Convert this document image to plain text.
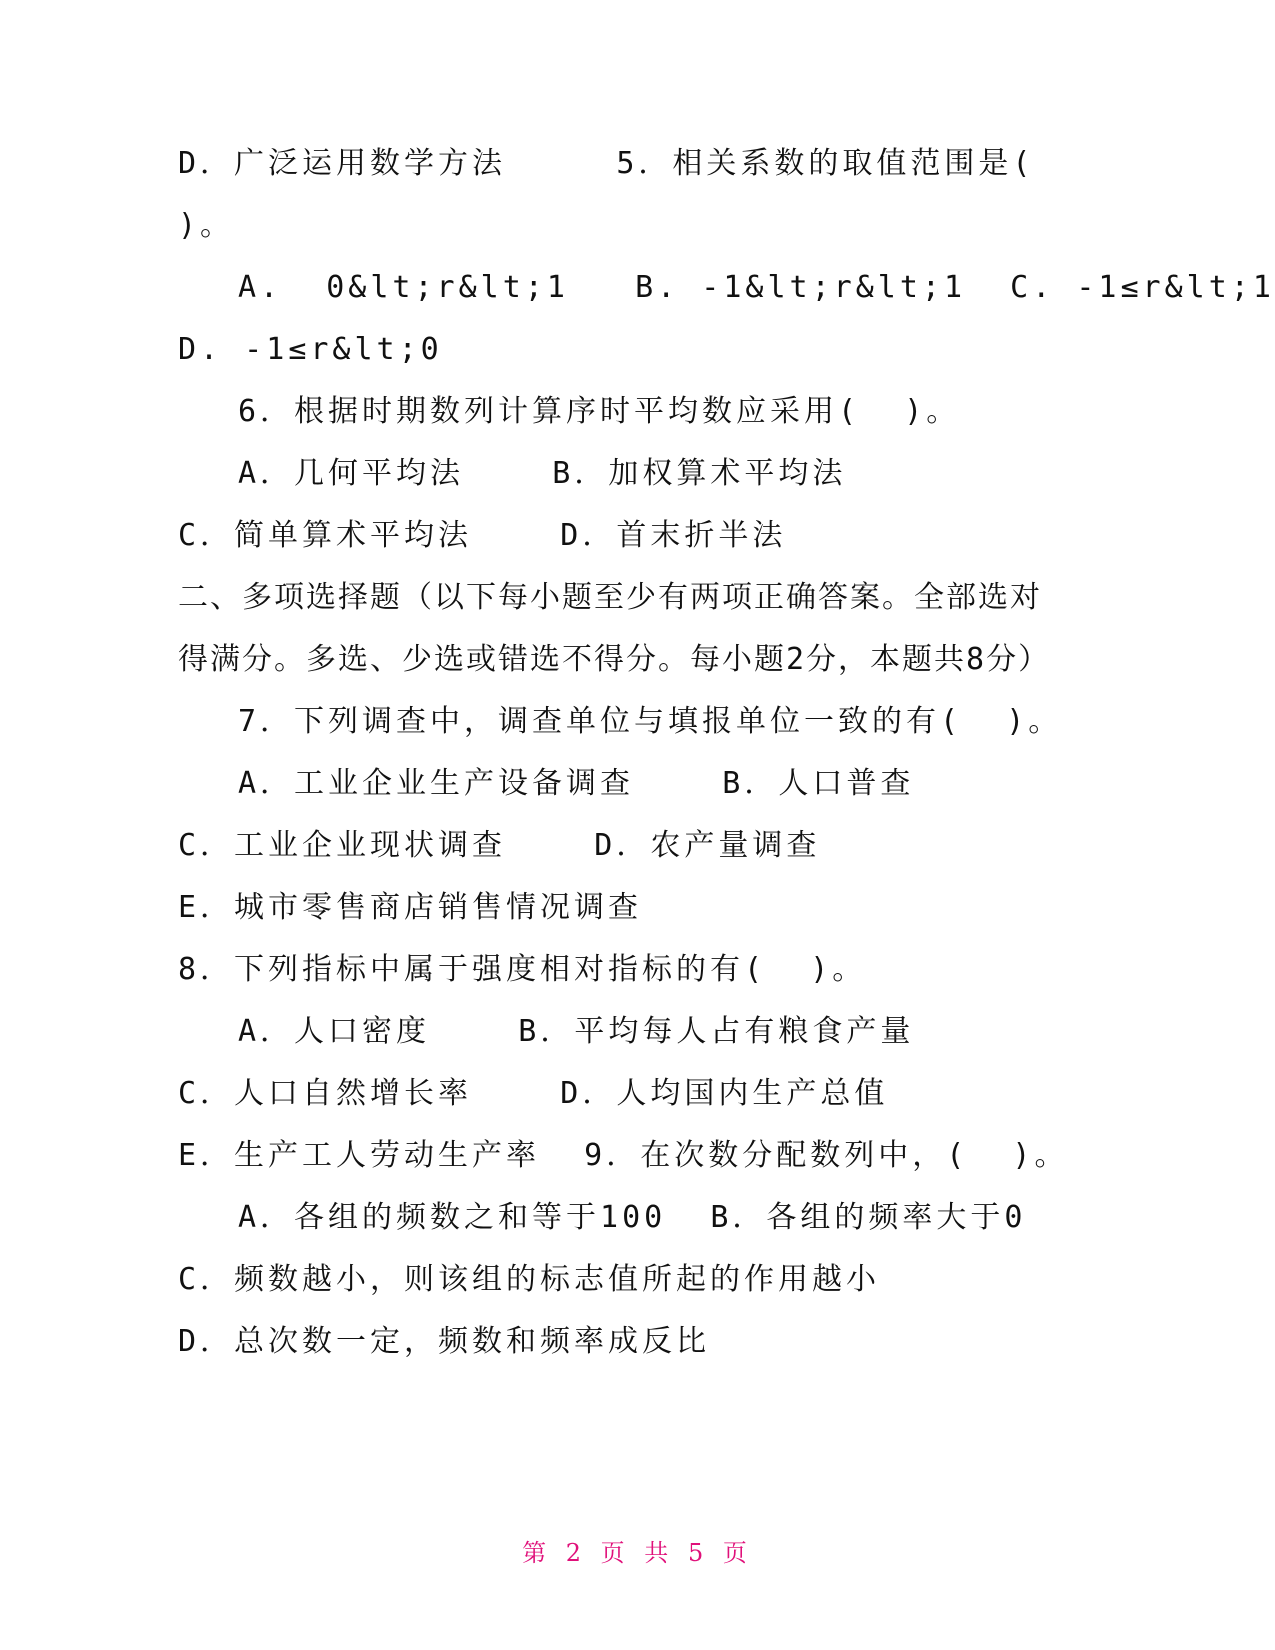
D．广泛运用数学方法     5．相关系数的取值范围是(
)。
A.  0&lt;r&lt;1   B. -1&lt;r&lt;1  C. -1≤r&lt;1
D. -1≤r&lt;0
6．根据时期数列计算序时平均数应采用(  )。
A．几何平均法    B．加权算术平均法
C．简单算术平均法    D．首末折半法
二、多项选择题（以下每小题至少有两项正确答案。全部选对
得满分。多选、少选或错选不得分。每小题2分，本题共8分）
7．下列调查中，调查单位与填报单位一致的有(  )。
A．工业企业生产设备调查    B．人口普查
C．工业企业现状调查    D．农产量调查
E．城市零售商店销售情况调查
8．下列指标中属于强度相对指标的有(  )。
A．人口密度    B．平均每人占有粮食产量
C．人口自然增长率    D．人均国内生产总值
E．生产工人劳动生产率  9．在次数分配数列中，(  )。
A．各组的频数之和等于100  B．各组的频率大于0
C．频数越小，则该组的标志值所起的作用越小
D．总次数一定，频数和频率成反比
第 2 页 共 5 页
